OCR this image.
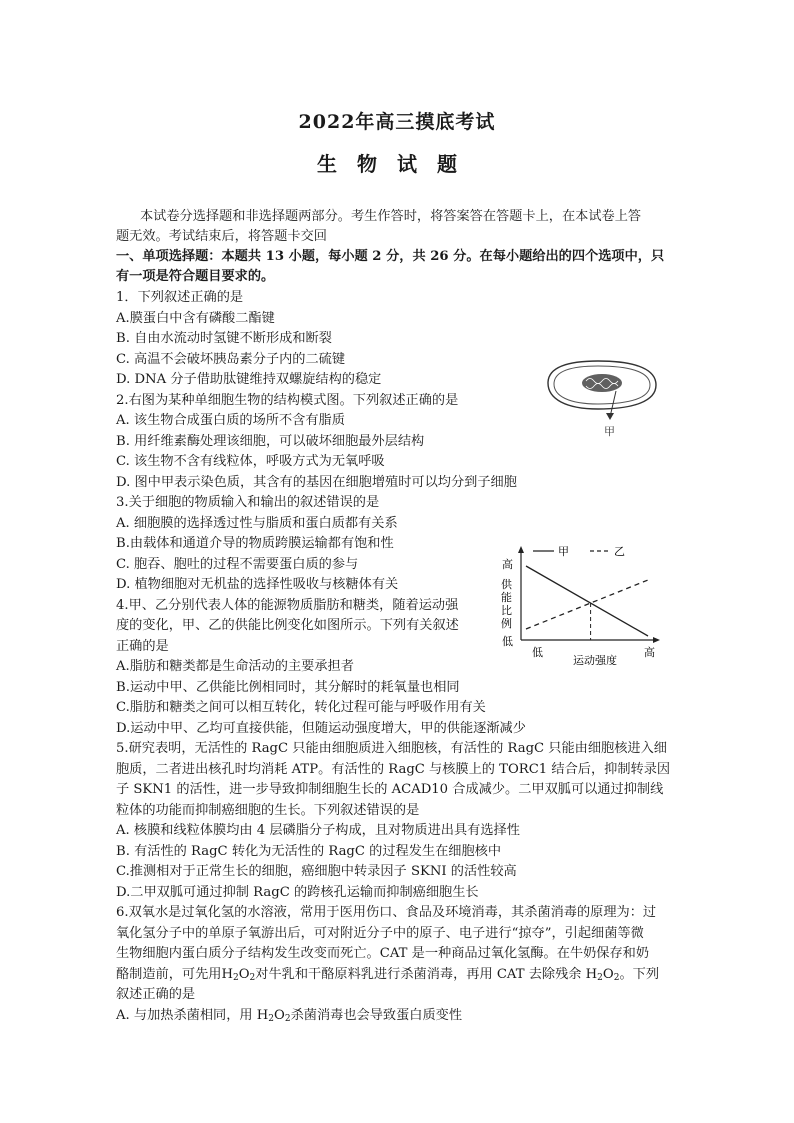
2022年高三摸底考试
生物试题
本试卷分选择题和非选择题两部分。考生作答时，将答案答在答题卡上，在本试卷上答
题无效。考试结束后，将答题卡交回
一、单项选择题：本题共 13 小题，每小题 2 分，共 26 分。在每小题给出的四个选项中，只
有一项是符合题目要求的。
1．下列叙述正确的是
A.膜蛋白中含有磷酸二酯键
B. 自由水流动时氢键不断形成和断裂
C. 高温不会破坏胰岛素分子内的二硫键
D. DNA 分子借助肽键维持双螺旋结构的稳定
2.右图为某种单细胞生物的结构模式图。下列叙述正确的是
A. 该生物合成蛋白质的场所不含有脂质
B. 用纤维素酶处理该细胞，可以破坏细胞最外层结构
C. 该生物不含有线粒体，呼吸方式为无氧呼吸
D. 图中甲表示染色质，其含有的基因在细胞增殖时可以均分到子细胞
甲
3.关于细胞的物质输入和输出的叙述错误的是
A. 细胞膜的选择透过性与脂质和蛋白质都有关系
B.由载体和通道介导的物质跨膜运输都有饱和性
C. 胞吞、胞吐的过程不需要蛋白质的参与
D. 植物细胞对无机盐的选择性吸收与核糖体有关
4.甲、乙分别代表人体的能源物质脂肪和糖类，随着运动强
度的变化，甲、乙的供能比例变化如图所示。下列有关叙述
正确的是
A.脂肪和糖类都是生命活动的主要承担者
B.运动中甲、乙供能比例相同时，其分解时的耗氧量也相同
C.脂肪和糖类之间可以相互转化，转化过程可能与呼吸作用有关
D.运动中甲、乙均可直接供能，但随运动强度增大，甲的供能逐渐减少
甲	乙
高
供
能
比
例
低
低	高
运动强度
5.研究表明，无活性的 RagC 只能由细胞质进入细胞核，有活性的 RagC 只能由细胞核进入细
胞质，二者进出核孔时均消耗 ATP。有活性的 RagC 与核膜上的 TORC1 结合后，抑制转录因
子 SKN1 的活性，进一步导致抑制细胞生长的 ACAD10 合成减少。二甲双胍可以通过抑制线
粒体的功能而抑制癌细胞的生长。下列叙述错误的是
A. 核膜和线粒体膜均由 4 层磷脂分子构成，且对物质进出具有选择性
B. 有活性的 RagC 转化为无活性的 RagC 的过程发生在细胞核中
C.推测相对于正常生长的细胞，癌细胞中转录因子 SKNI 的活性较高
D.二甲双胍可通过抑制 RagC 的跨核孔运输而抑制癌细胞生长
6.双氧水是过氧化氢的水溶液，常用于医用伤口、食品及环境消毒，其杀菌消毒的原理为：过
氧化氢分子中的单原子氧游出后，可对附近分子中的原子、电子进行“掠夺”，引起细菌等微
生物细胞内蛋白质分子结构发生改变而死亡。CAT 是一种商品过氧化氢酶。在牛奶保存和奶
酪制造前，可先用H2O2对牛乳和干酪原料乳进行杀菌消毒，再用 CAT 去除残余 H2O2。下列
叙述正确的是
A. 与加热杀菌相同，用 H2O2杀菌消毒也会导致蛋白质变性
